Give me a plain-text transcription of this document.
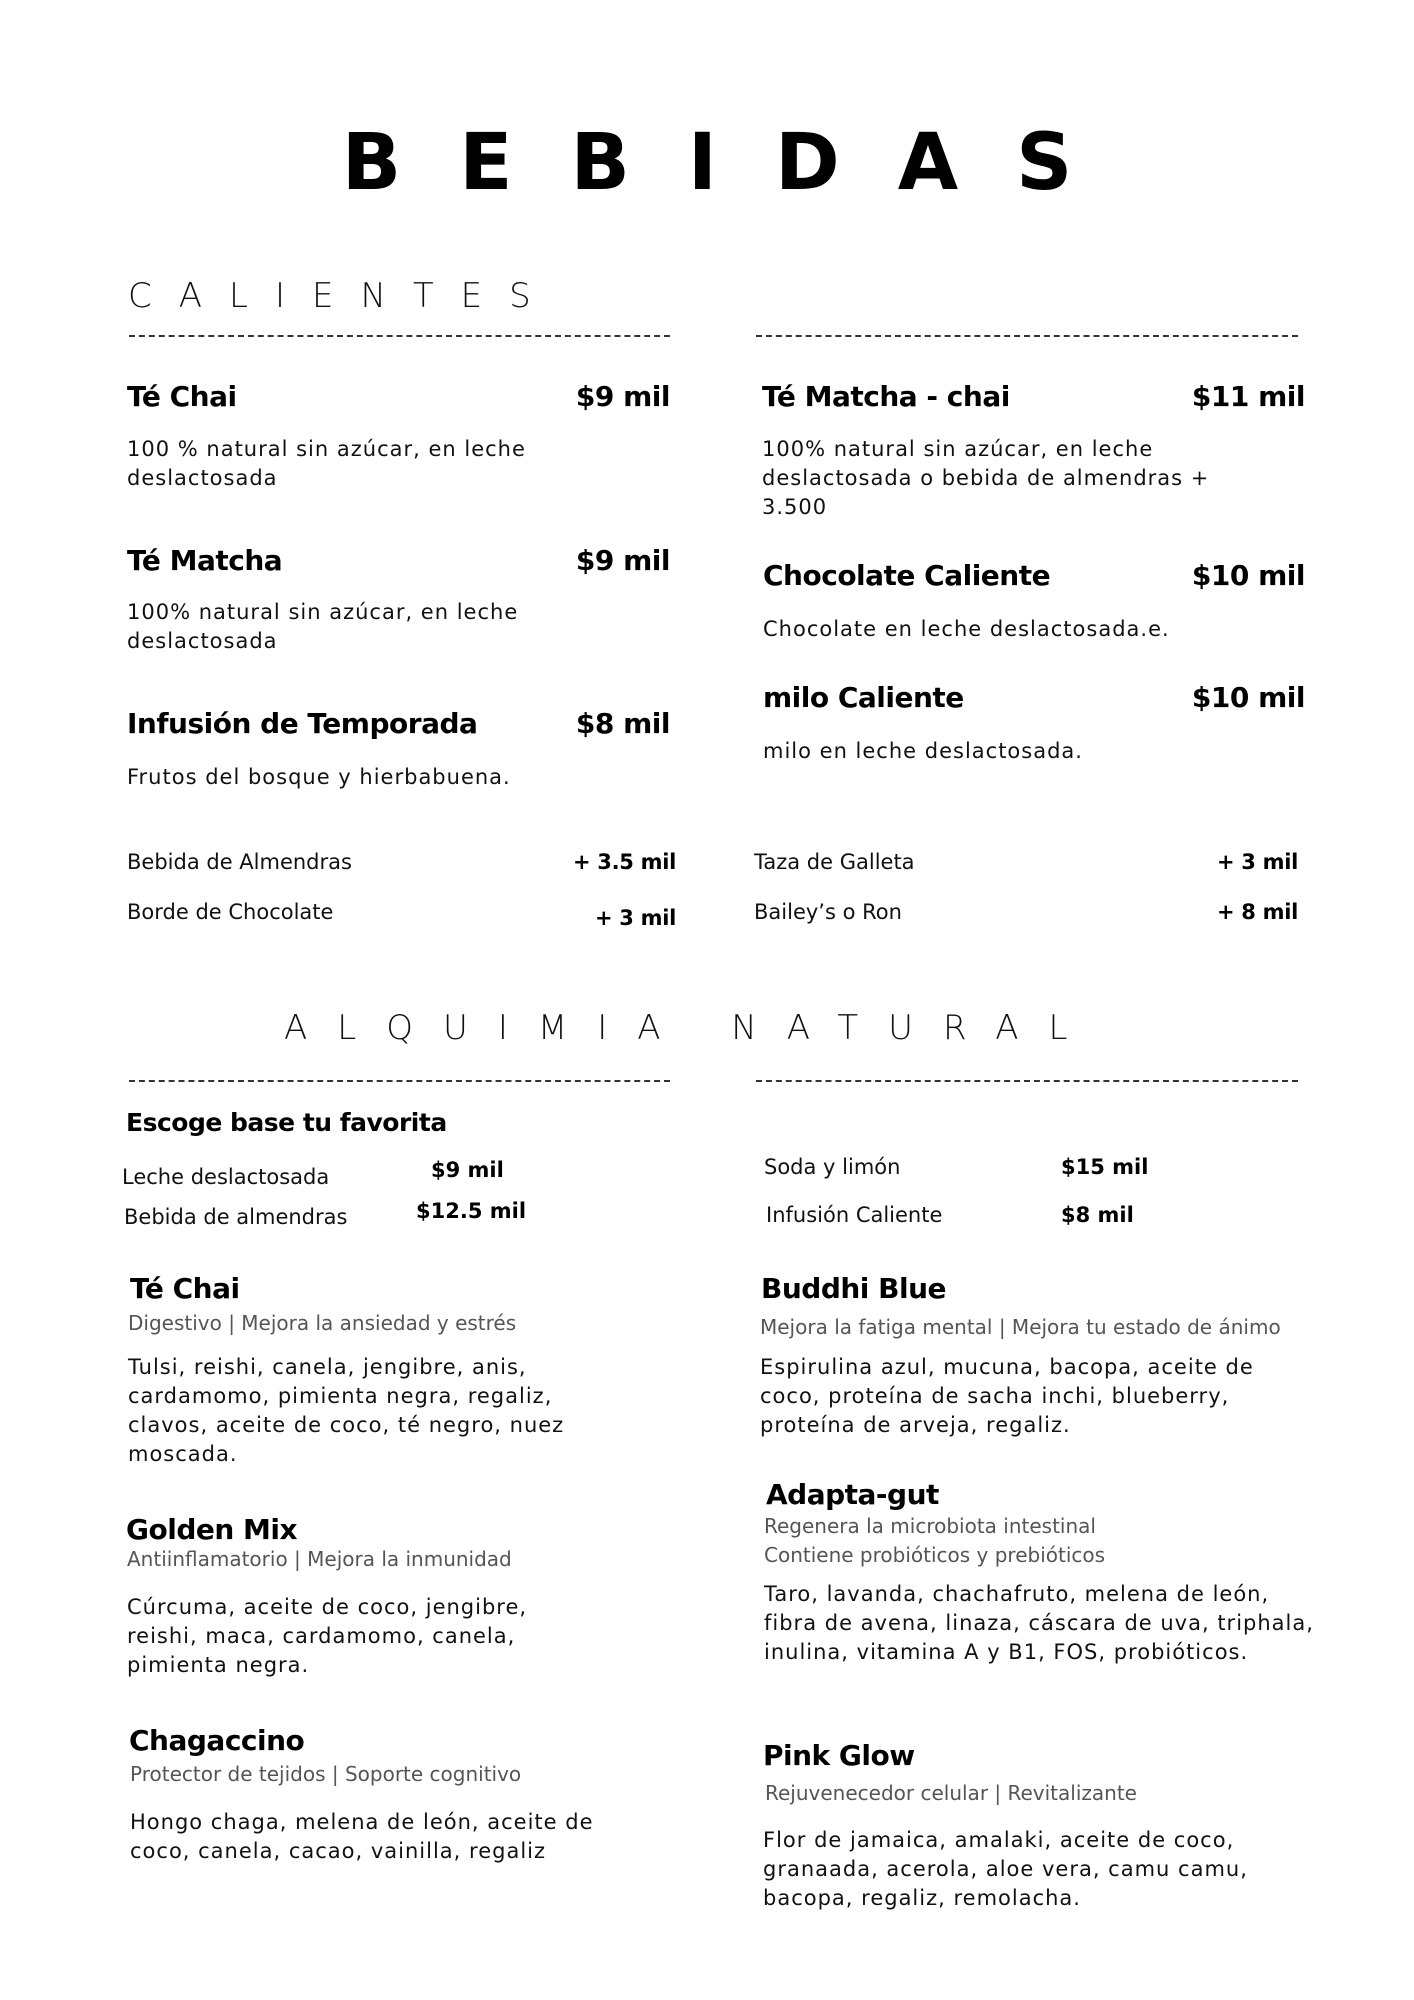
BEBIDAS
CALIENTES
Té Chai	$9 mil
100 % natural sin azúcar, en leche deslactosada
Té Matcha	$9 mil
100% natural sin azúcar, en leche deslactosada
Infusión de Temporada	$8 mil
Frutos del bosque y hierbabuena.
Té Matcha - chai	$11 mil
100% natural sin azúcar, en leche deslactosada o bebida de almendras + 3.500
Chocolate Caliente	$10 mil
Chocolate en leche deslactosada.e.
milo Caliente	$10 mil
milo en leche deslactosada.
Bebida de Almendras	+ 3.5 mil
Borde de Chocolate	+ 3 mil
Taza de Galleta	+ 3 mil
Bailey’s o Ron	+ 8 mil
ALQUIMIA NATURAL
Escoge base tu favorita
Leche deslactosada	$9 mil
Bebida de almendras	$12.5 mil
Soda y limón	$15 mil
Infusión Caliente	$8 mil
Té Chai
Digestivo | Mejora la ansiedad y estrés
Tulsi, reishi, canela, jengibre, anis, cardamomo, pimienta negra, regaliz, clavos, aceite de coco, té negro, nuez moscada.
Golden Mix
Antiinflamatorio | Mejora la inmunidad
Cúrcuma, aceite de coco, jengibre, reishi, maca, cardamomo, canela, pimienta negra.
Chagaccino
Protector de tejidos | Soporte cognitivo
Hongo chaga, melena de león, aceite de coco, canela, cacao, vainilla, regaliz
Buddhi Blue
Mejora la fatiga mental | Mejora tu estado de ánimo
Espirulina azul, mucuna, bacopa, aceite de coco, proteína de sacha inchi, blueberry, proteína de arveja, regaliz.
Adapta-gut
Regenera la microbiota intestinal
Contiene probióticos y prebióticos
Taro, lavanda, chachafruto, melena de león, fibra de avena, linaza, cáscara de uva, triphala, inulina, vitamina A y B1, FOS, probióticos.
Pink Glow
Rejuvenecedor celular | Revitalizante
Flor de jamaica, amalaki, aceite de coco, granaada, acerola, aloe vera, camu camu, bacopa, regaliz, remolacha.
